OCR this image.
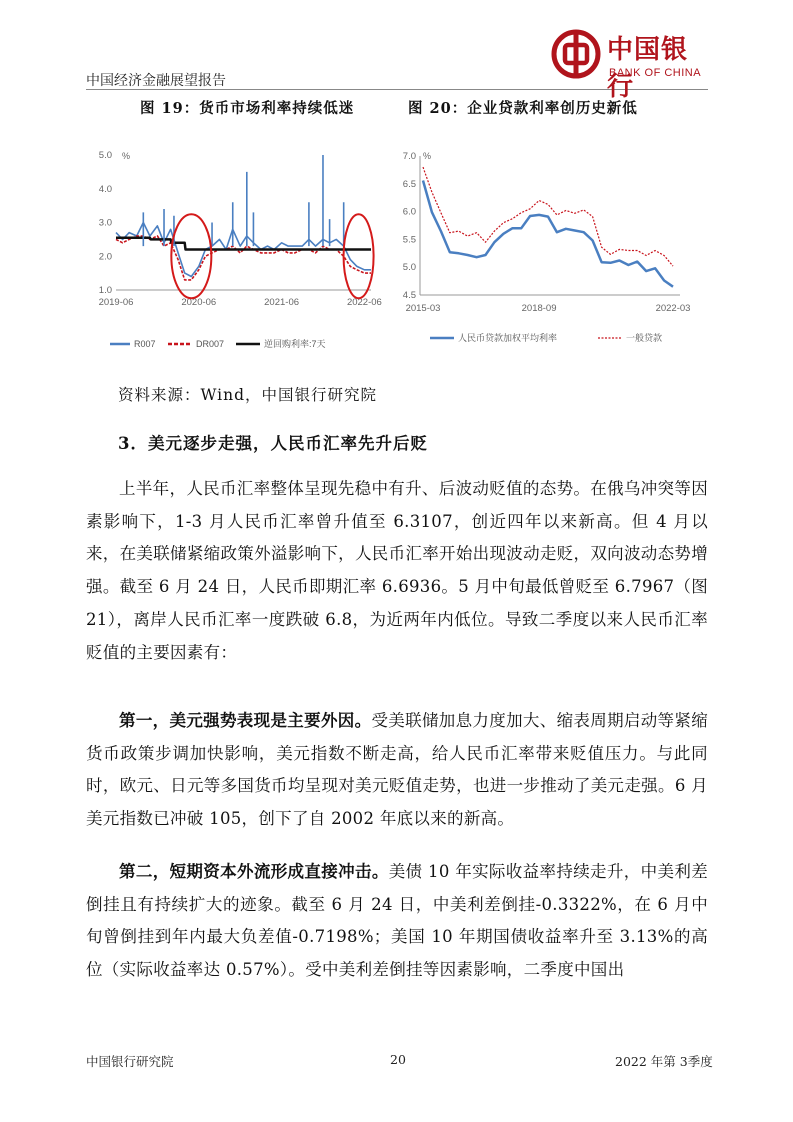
中国经济金融展望报告
中国银行
BANK OF CHINA
图 19：货币市场利率持续低迷	图 20：企业贷款利率创历史新低
%
5.0
4.0
3.0
2.0
1.0
2019-06	2020-06	2021-06	2022-06
R007	DR007	逆回购利率:7天
%
7.0
6.5
6.0
5.5
5.0
4.5
2015-03	2018-09	2022-03
人民币贷款加权平均利率	一般贷款
资料来源：Wind，中国银行研究院
3．美元逐步走强，人民币汇率先升后贬
上半年，人民币汇率整体呈现先稳中有升、后波动贬值的态势。在俄乌冲突等因素影响下，1-3 月人民币汇率曾升值至 6.3107，创近四年以来新高。但 4 月以来，在美联储紧缩政策外溢影响下，人民币汇率开始出现波动走贬，双向波动态势增强。截至 6 月 24 日，人民币即期汇率 6.6936。5 月中旬最低曾贬至 6.7967（图 21），离岸人民币汇率一度跌破 6.8，为近两年内低位。导致二季度以来人民币汇率贬值的主要因素有：
第一，美元强势表现是主要外因。受美联储加息力度加大、缩表周期启动等紧缩货币政策步调加快影响，美元指数不断走高，给人民币汇率带来贬值压力。与此同时，欧元、日元等多国货币均呈现对美元贬值走势，也进一步推动了美元走强。6 月美元指数已冲破 105，创下了自 2002 年底以来的新高。
第二，短期资本外流形成直接冲击。美债 10 年实际收益率持续走升，中美利差倒挂且有持续扩大的迹象。截至 6 月 24 日，中美利差倒挂-0.3322%，在 6 月中旬曾倒挂到年内最大负差值-0.7198%；美国 10 年期国债收益率升至 3.13%的高位（实际收益率达 0.57%）。受中美利差倒挂等因素影响，二季度中国出
中国银行研究院	20	2022 年第 3季度
